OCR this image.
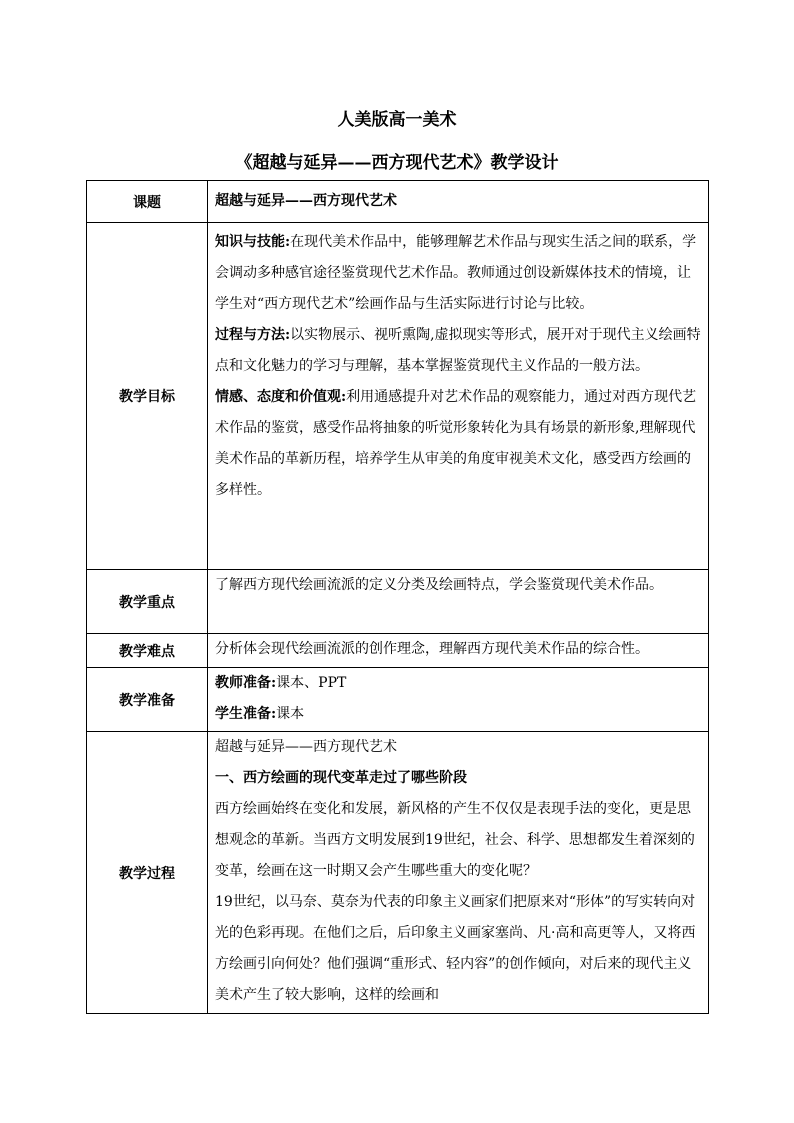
人美版高一美术
《超越与延异——西方现代艺术》教学设计
课题	超越与延异——西方现代艺术
教学目标	知识与技能:在现代美术作品中，能够理解艺术作品与现实生活之间的联系，学会调动多种感官途径鉴赏现代艺术作品。教师通过创设新媒体技术的情境，让学生对“西方现代艺术”绘画作品与生活实际进行讨论与比较。

过程与方法:以实物展示、视听熏陶,虚拟现实等形式，展开对于现代主义绘画特点和文化魅力的学习与理解，基本掌握鉴赏现代主义作品的一般方法。

情感、态度和价值观:利用通感提升对艺术作品的观察能力，通过对西方现代艺术作品的鉴赏，感受作品将抽象的听觉形象转化为具有场景的新形象,理解现代美术作品的革新历程，培养学生从审美的角度审视美术文化，感受西方绘画的多样性。

教学重点	了解西方现代绘画流派的定义分类及绘画特点，学会鉴赏现代美术作品。
教学难点	分析体会现代绘画流派的创作理念，理解西方现代美术作品的综合性。
教学准备	教师准备:课本、PPT

学生准备:课本

教学过程	超越与延异——西方现代艺术

一、西方绘画的现代变革走过了哪些阶段

西方绘画始终在变化和发展，新风格的产生不仅仅是表现手法的变化，更是思想观念的革新。当西方文明发展到19世纪，社会、科学、思想都发生着深刻的变革，绘画在这一时期又会产生哪些重大的变化呢？

19世纪，以马奈、莫奈为代表的印象主义画家们把原来对“形体”的写实转向对光的色彩再现。在他们之后，后印象主义画家塞尚、凡·高和高更等人，又将西方绘画引向何处？他们强调“重形式、轻内容”的创作倾向，对后来的现代主义美术产生了较大影响，这样的绘画和
